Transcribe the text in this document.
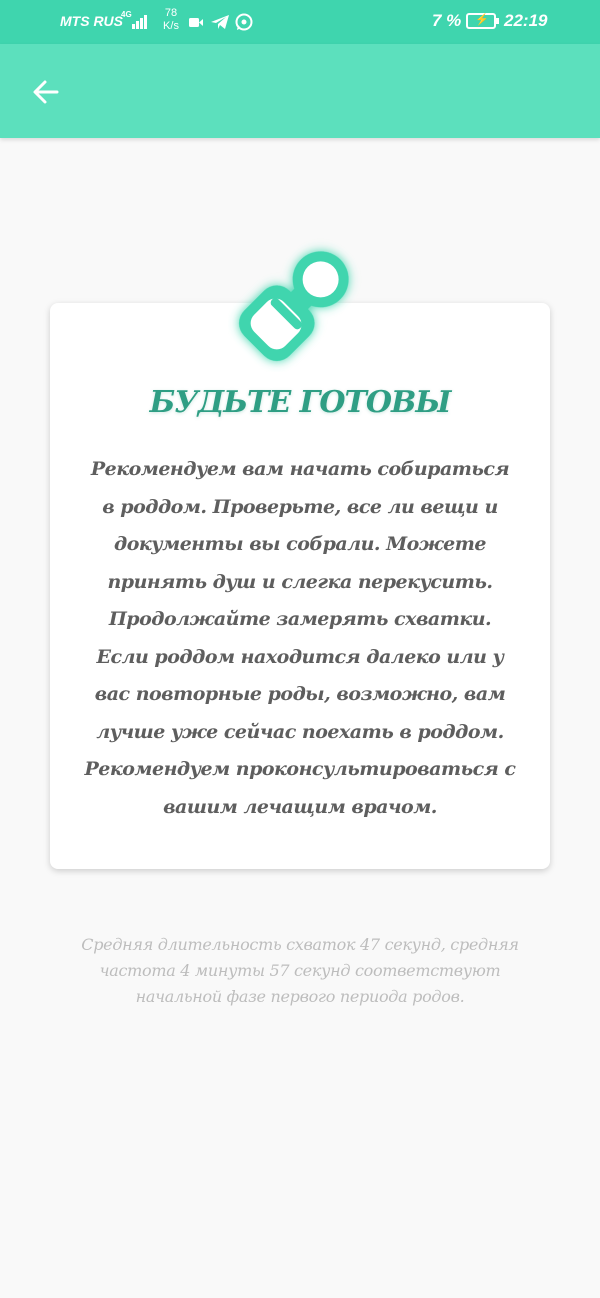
MTS RUS
4G	78
K/s	7 % ⚡ 22:19
БУДЬТЕ ГОТОВЫ
Рекомендуем вам начать собираться в роддом. Проверьте, все ли вещи и документы вы собрали. Можете принять душ и слегка перекусить. Продолжайте замерять схватки. Если роддом находится далеко или у вас повторные роды, возможно, вам лучше уже сейчас поехать в роддом. Рекомендуем проконсультироваться с вашим лечащим врачом.
Средняя длительность схваток 47 секунд, средняя частота 4 минуты 57 секунд соответствуют начальной фазе первого периода родов.
